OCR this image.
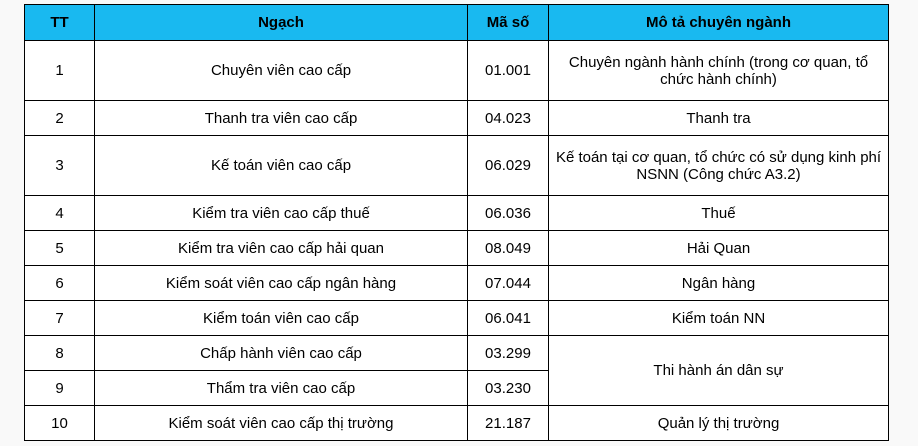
TT	Ngạch	Mã số	Mô tả chuyên ngành
1	Chuyên viên cao cấp	01.001	Chuyên ngành hành chính (trong cơ quan, tổ chức hành chính)
2	Thanh tra viên cao cấp	04.023	Thanh tra
3	Kế toán viên cao cấp	06.029	Kế toán tại cơ quan, tổ chức có sử dụng kinh phí NSNN (Công chức A3.2)
4	Kiểm tra viên cao cấp thuế	06.036	Thuế
5	Kiểm tra viên cao cấp hải quan	08.049	Hải Quan
6	Kiểm soát viên cao cấp ngân hàng	07.044	Ngân hàng
7	Kiểm toán viên cao cấp	06.041	Kiểm toán NN
8	Chấp hành viên cao cấp	03.299	Thi hành án dân sự
9	Thẩm tra viên cao cấp	03.230	
10	Kiểm soát viên cao cấp thị trường	21.187	Quản lý thị trường
